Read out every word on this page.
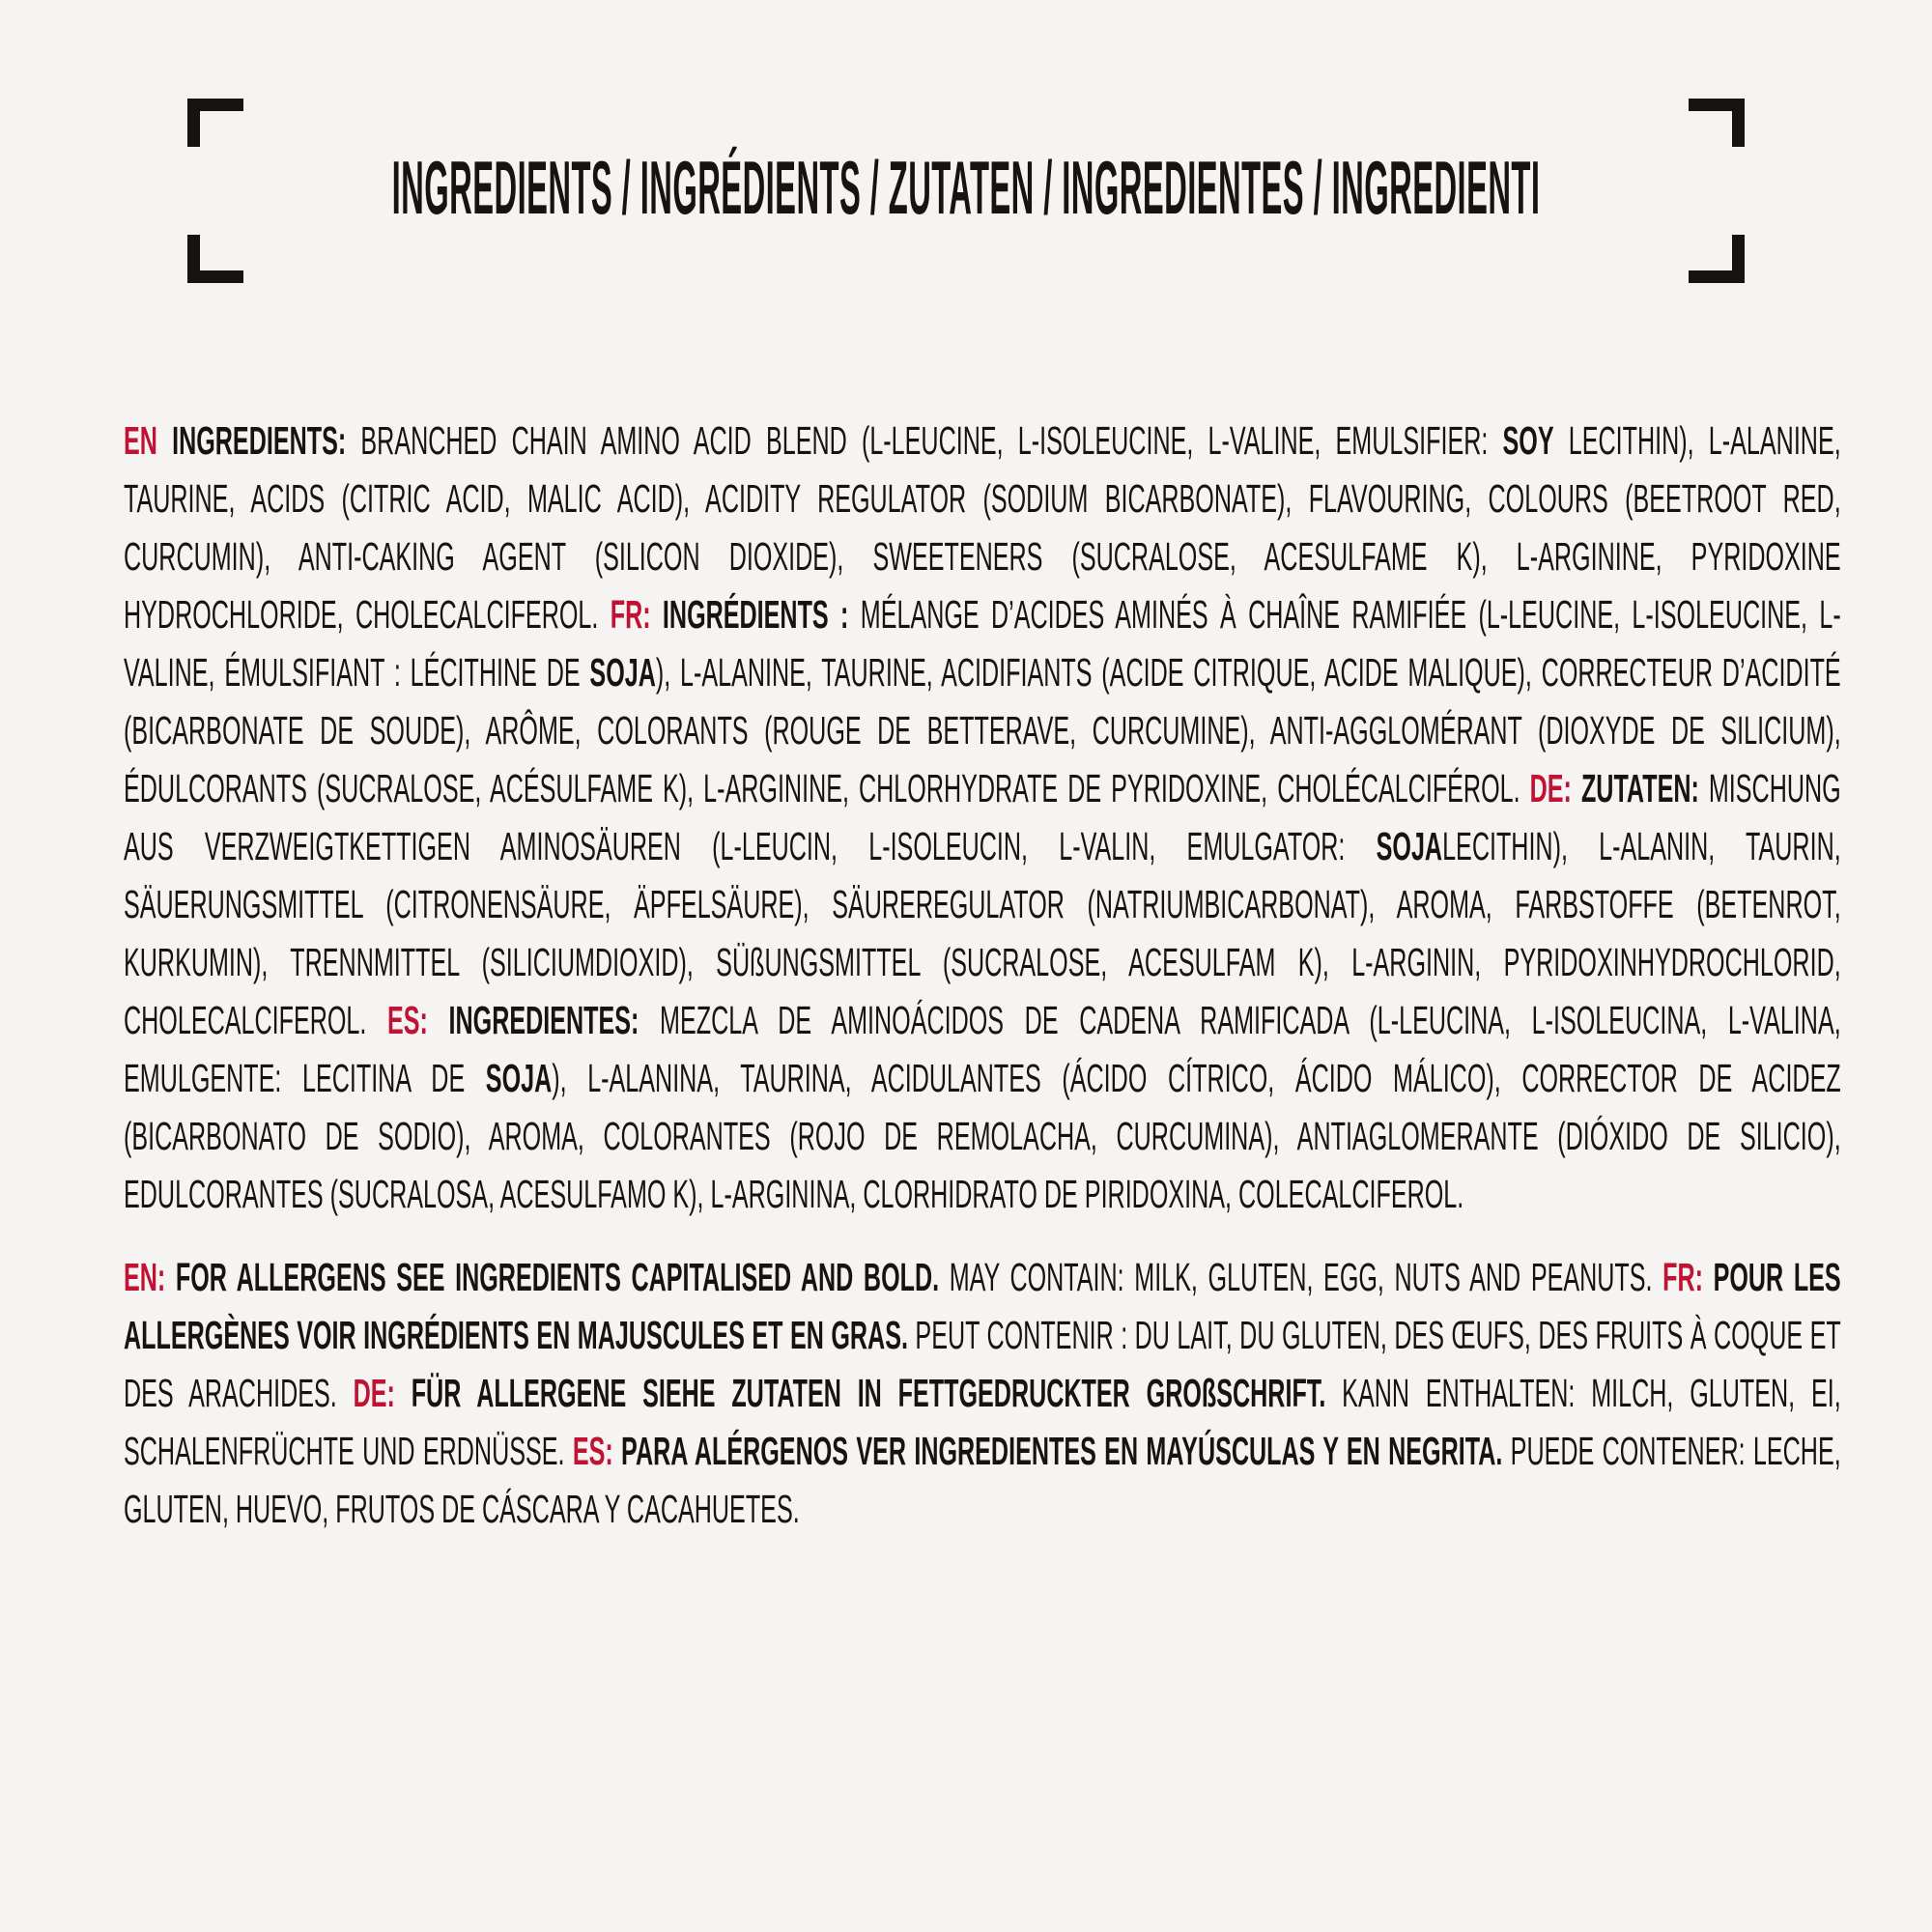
INGREDIENTS / INGRÉDIENTS / ZUTATEN / INGREDIENTES / INGREDIENTI

EN INGREDIENTS: BRANCHED CHAIN AMINO ACID BLEND (L-LEUCINE, L-ISOLEUCINE, L-VALINE, EMULSIFIER: SOY LECITHIN), L-ALANINE, TAURINE, ACIDS (CITRIC ACID, MALIC ACID), ACIDITY REGULATOR (SODIUM BICARBONATE), FLAVOURING, COLOURS (BEETROOT RED, CURCUMIN), ANTI-CAKING AGENT (SILICON DIOXIDE), SWEETENERS (SUCRALOSE, ACESULFAME K), L-ARGININE, PYRIDOXINE HYDROCHLORIDE, CHOLECALCIFEROL. FR: INGRÉDIENTS : MÉLANGE D’ACIDES AMINÉS À CHAÎNE RAMIFIÉE (L-LEUCINE, L-ISOLEUCINE, L-VALINE, ÉMULSIFIANT : LÉCITHINE DE SOJA), L-ALANINE, TAURINE, ACIDIFIANTS (ACIDE CITRIQUE, ACIDE MALIQUE), CORRECTEUR D’ACIDITÉ (BICARBONATE DE SOUDE), ARÔME, COLORANTS (ROUGE DE BETTERAVE, CURCUMINE), ANTI-AGGLOMÉRANT (DIOXYDE DE SILICIUM), ÉDULCORANTS (SUCRALOSE, ACÉSULFAME K), L-ARGININE, CHLORHYDRATE DE PYRIDOXINE, CHOLÉCALCIFÉROL. DE: ZUTATEN: MISCHUNG AUS VERZWEIGTKETTIGEN AMINOSÄUREN (L-LEUCIN, L-ISOLEUCIN, L-VALIN, EMULGATOR: SOJALECITHIN), L-ALANIN, TAURIN, SÄUERUNGSMITTEL (CITRONENSÄURE, ÄPFELSÄURE), SÄUREREGULATOR (NATRIUMBICARBONAT), AROMA, FARBSTOFFE (BETENROT, KURKUMIN), TRENNMITTEL (SILICIUMDIOXID), SÜßUNGSMITTEL (SUCRALOSE, ACESULFAM K), L-ARGININ, PYRIDOXINHYDROCHLORID, CHOLECALCIFEROL. ES: INGREDIENTES: MEZCLA DE AMINOÁCIDOS DE CADENA RAMIFICADA (L-LEUCINA, L-ISOLEUCINA, L-VALINA, EMULGENTE: LECITINA DE SOJA), L-ALANINA, TAURINA, ACIDULANTES (ÁCIDO CÍTRICO, ÁCIDO MÁLICO), CORRECTOR DE ACIDEZ (BICARBONATO DE SODIO), AROMA, COLORANTES (ROJO DE REMOLACHA, CURCUMINA), ANTIAGLOMERANTE (DIÓXIDO DE SILICIO), EDULCORANTES (SUCRALOSA, ACESULFAMO K), L-ARGININA, CLORHIDRATO DE PIRIDOXINA, COLECALCIFEROL.

EN: FOR ALLERGENS SEE INGREDIENTS CAPITALISED AND BOLD. MAY CONTAIN: MILK, GLUTEN, EGG, NUTS AND PEANUTS. FR: POUR LES ALLERGÈNES VOIR INGRÉDIENTS EN MAJUSCULES ET EN GRAS. PEUT CONTENIR : DU LAIT, DU GLUTEN, DES ŒUFS, DES FRUITS À COQUE ET DES ARACHIDES. DE: FÜR ALLERGENE SIEHE ZUTATEN IN FETTGEDRUCKTER GROßSCHRIFT. KANN ENTHALTEN: MILCH, GLUTEN, EI, SCHALENFRÜCHTE UND ERDNÜSSE. ES: PARA ALÉRGENOS VER INGREDIENTES EN MAYÚSCULAS Y EN NEGRITA. PUEDE CONTENER: LECHE, GLUTEN, HUEVO, FRUTOS DE CÁSCARA Y CACAHUETES.
